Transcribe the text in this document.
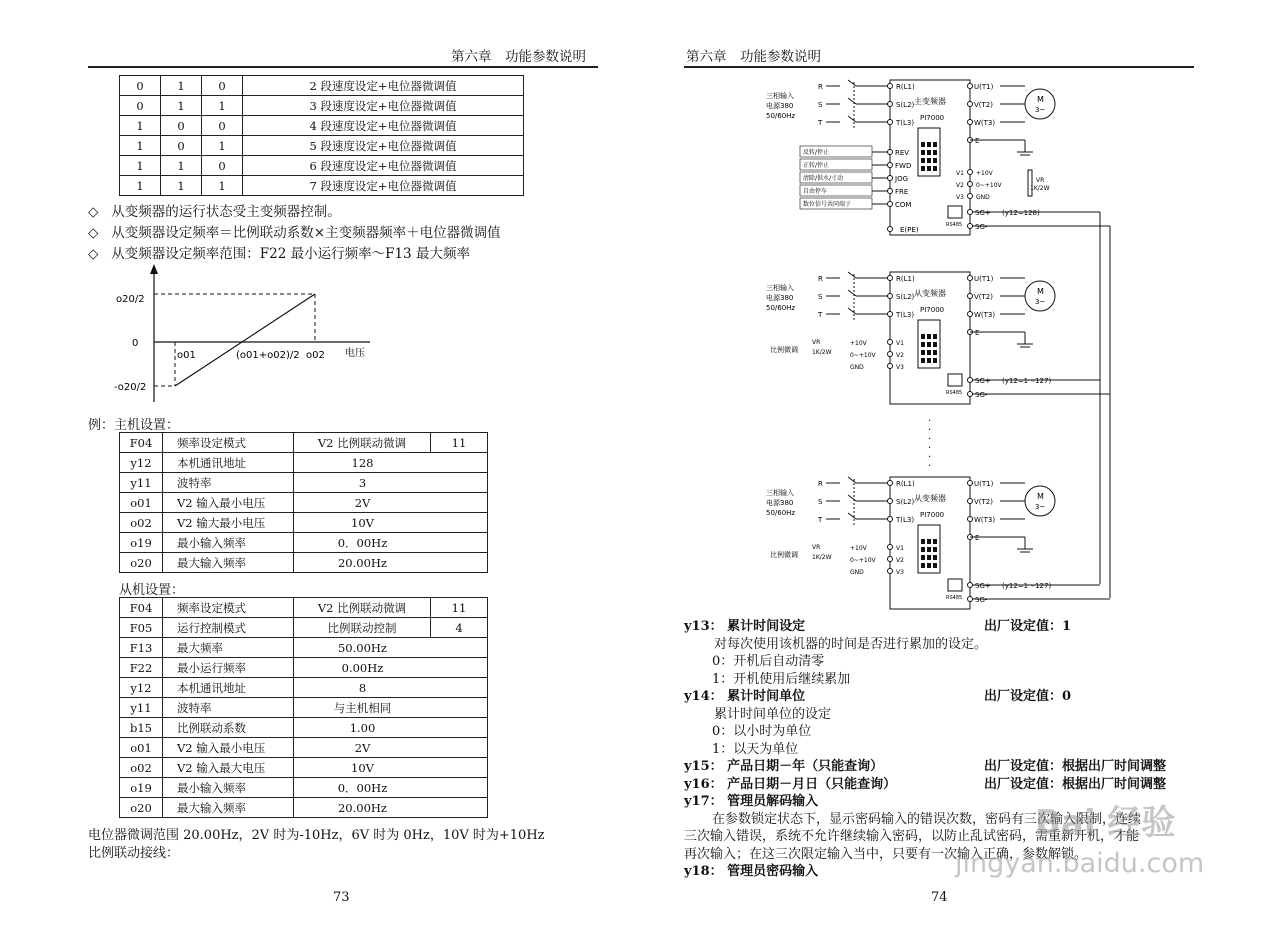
第六章　功能参数说明
0	1	0	2 段速度设定+电位器微调值
0	1	1	3 段速度设定+电位器微调值
1	0	0	4 段速度设定+电位器微调值
1	0	1	5 段速度设定+电位器微调值
1	1	0	6 段速度设定+电位器微调值
1	1	1	7 段速度设定+电位器微调值
◇ 从变频器的运行状态受主变频器控制。
◇ 从变频器设定频率＝比例联动系数×主变频器频率＋电位器微调值
◇ 从变频器设定频率范围：F22 最小运行频率～F13 最大频率
o20/2
0
-o20/2
o01	(o01+o02)/2 o02 电压
例：主机设置：
F04	频率设定模式	V2 比例联动微调	11
y12	本机通讯地址	128	
y11	波特率	3	
o01	V2 输入最小电压	2V	
o02	V2 输大最小电压	10V	
o19	最小输入频率	0．00Hz	
o20	最大输入频率	20.00Hz	
从机设置：
F04	频率设定模式	V2 比例联动微调	11
F05	运行控制模式	比例联动控制	4
F13	最大频率	50.00Hz	
F22	最小运行频率	0.00Hz	
y12	本机通讯地址	8	
y11	波特率	与主机相同	
b15	比例联动系数	1.00	
o01	V2 输入最小电压	2V	
o02	V2 输入最大电压	10V	
o19	最小输入频率	0．00Hz	
o20	最大输入频率	20.00Hz	
电位器微调范围 20.00Hz，2V 时为-10Hz，6V 时为 0Hz，10V 时为+10Hz
比例联动接线：
73
第六章　功能参数说明
主变频器
PI7000
R	R(L1)	U(T1)
S	S(L2)	V(T2)
T	T(L3)	W(T3)
三相输入
电源380
50/60Hz
M
3~
E
RS485
SG+
SG-
(y12=128)
V1 +10V
V2 0~+10V
V3 GND
VR
1K/2W
REV
反转/停止
FWD
正转/停止
JOG
清除/供水/寸动
FRE
自由停车
COM
数位信号共同端子
E(PE)
从变频器
PI7000
R	R(L1)	U(T1)
S	S(L2)	V(T2)
T	T(L3)	W(T3)
三相输入
电源380
50/60Hz
M
3~
E
RS485
SG+
SG-
(y12=1～127)
V1
+10V
V2
0~+10V
V3
GND
VR
1K/2W
比例微调
从变频器
PI7000
R	R(L1)	U(T1)
S	S(L2)	V(T2)
T	T(L3)	W(T3)
三相输入
电源380
50/60Hz
M
3~
E
RS485
SG+
SG-
(y12=1～127)
V1
+10V
V2
0~+10V
V3
GND
VR
1K/2W
比例微调
·
·
·
·
·
·
y13： 累计时间设定	出厂设定值：1
对每次使用该机器的时间是否进行累加的设定。
0：开机后自动清零
1：开机使用后继续累加
y14： 累计时间单位	出厂设定值：0
累计时间单位的设定
0：以小时为单位
1：以天为单位
y15： 产品日期－年（只能查询）	出厂设定值：根据出厂时间调整
y16： 产品日期－月日（只能查询）	出厂设定值：根据出厂时间调整
y17： 管理员解码输入
在参数锁定状态下，显示密码输入的错误次数，密码有三次输入限制，连续
三次输入错误，系统不允许继续输入密码，以防止乱试密码，需重新开机，才能
再次输入；在这三次限定输入当中，只要有一次输入正确，参数解锁。
y18： 管理员密码输入
74
Bai 经验
jingyan.baidu.com
